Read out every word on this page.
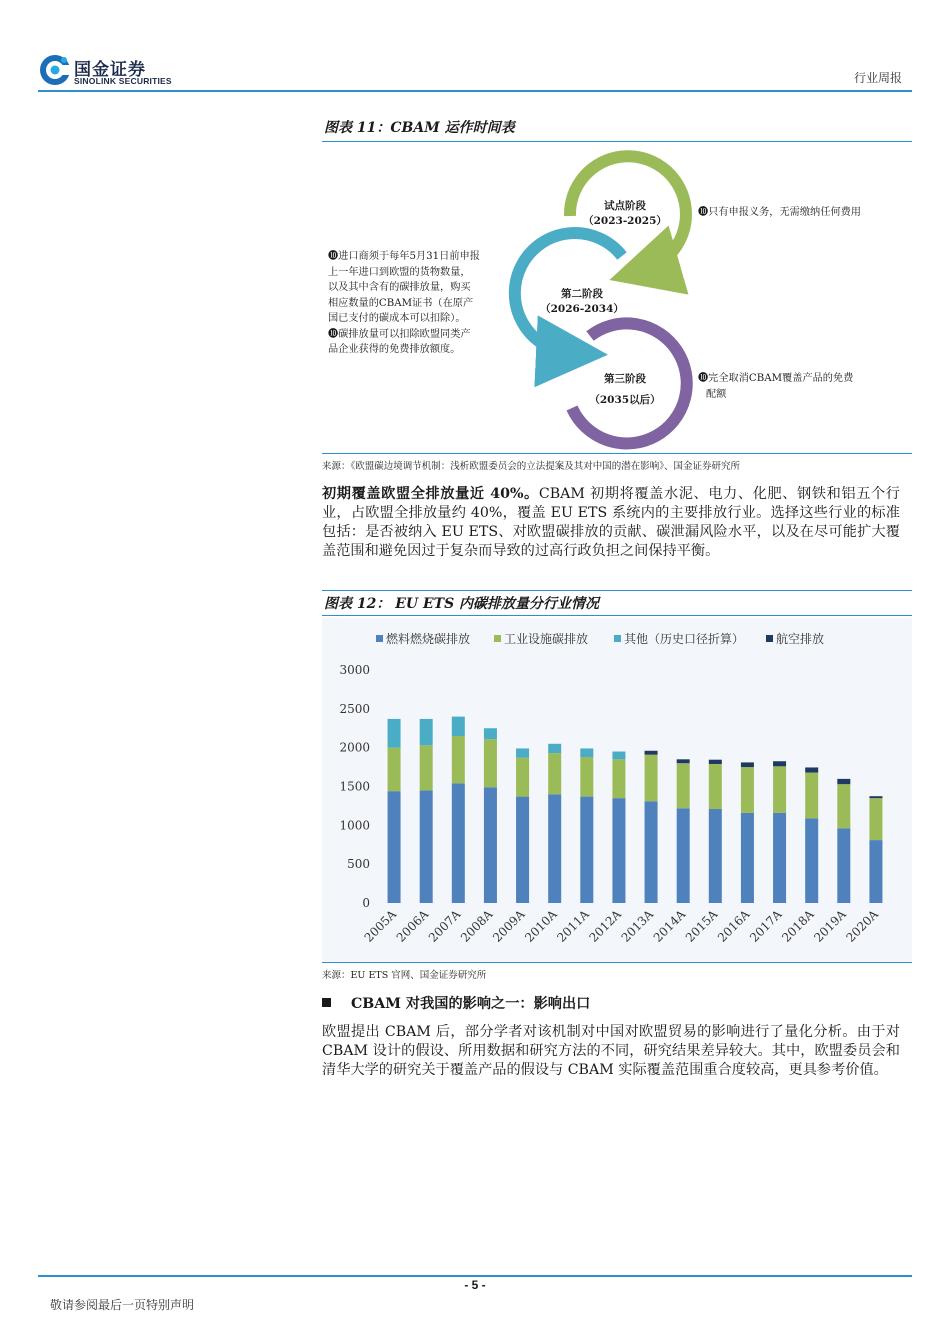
国金证券
SINOLINK SECURITIES	行业周报
图表 11：CBAM 运作时间表
试点阶段
（2023-2025）
第二阶段
（2026-2034）
第三阶段
（2035以后）
❿只有申报义务，无需缴纳任何费用
❿进口商须于每年5月31日前申报
上一年进口到欧盟的货物数量，
以及其中含有的碳排放量，购买
相应数量的CBAM证书（在原产
国已支付的碳成本可以扣除）。
❿碳排放量可以扣除欧盟同类产
品企业获得的免费排放额度。
❿完全取消CBAM覆盖产品的免费
配额
来源：《欧盟碳边境调节机制：浅析欧盟委员会的立法提案及其对中国的潜在影响》、国金证券研究所
初期覆盖欧盟全排放量近 40%。CBAM 初期将覆盖水泥、电力、化肥、钢铁和铝五个行业，占欧盟全排放量约 40%，覆盖 EU ETS 系统内的主要排放行业。选择这些行业的标准包括：是否被纳入 EU ETS、对欧盟碳排放的贡献、碳泄漏风险水平，以及在尽可能扩大覆盖范围和避免因过于复杂而导致的过高行政负担之间保持平衡。
图表 12： EU ETS 内碳排放量分行业情况
燃料燃烧碳排放	工业设施碳排放	其他（历史口径折算）	航空排放
0
500
1000
1500
2000
2500
3000
2005A
2006A
2007A
2008A
2009A
2010A
2011A
2012A
2013A
2014A
2015A
2016A
2017A
2018A
2019A
2020A
来源：EU ETS 官网、国金证券研究所
CBAM 对我国的影响之一：影响出口
欧盟提出 CBAM 后，部分学者对该机制对中国对欧盟贸易的影响进行了量化分析。由于对 CBAM 设计的假设、所用数据和研究方法的不同，研究结果差异较大。其中，欧盟委员会和清华大学的研究关于覆盖产品的假设与 CBAM 实际覆盖范围重合度较高，更具参考价值。
- 5 -
敬请参阅最后一页特别声明
